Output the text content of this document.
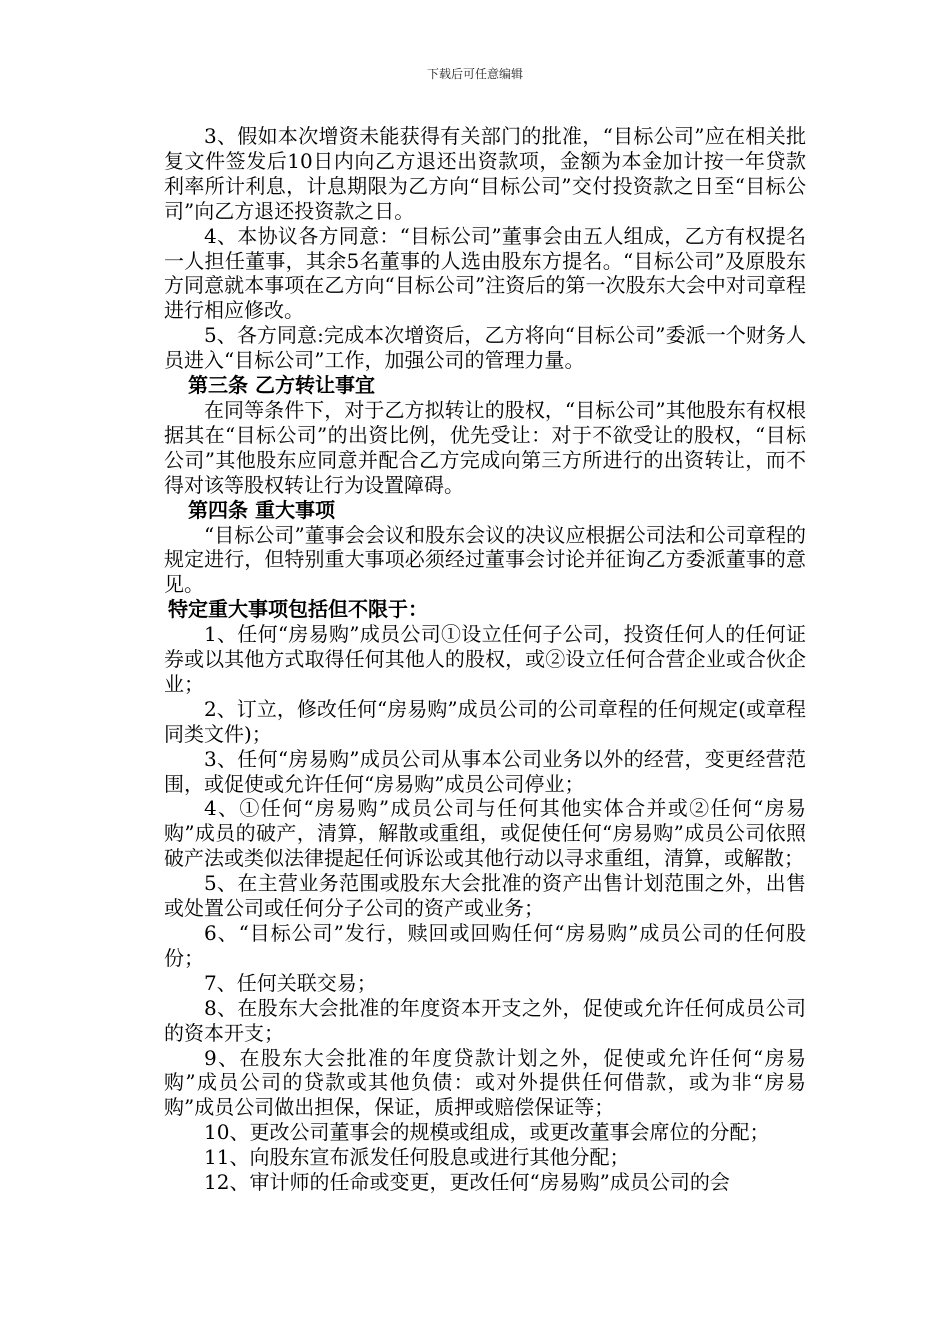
下载后可任意编辑

3、假如本次增资未能获得有关部门的批准，“目标公司”应在相关批复文件签发后10日内向乙方退还出资款项，金额为本金加计按一年贷款利率所计利息，计息期限为乙方向“目标公司”交付投资款之日至“目标公司”向乙方退还投资款之日。

4、本协议各方同意：“目标公司”董事会由五人组成，乙方有权提名一人担任董事，其余5名董事的人选由股东方提名。“目标公司”及原股东方同意就本事项在乙方向“目标公司”注资后的第一次股东大会中对司章程进行相应修改。

5、各方同意:完成本次增资后，乙方将向“目标公司”委派一个财务人员进入“目标公司”工作，加强公司的管理力量。

第三条 乙方转让事宜

在同等条件下，对于乙方拟转让的股权，“目标公司”其他股东有权根据其在“目标公司”的出资比例，优先受让：对于不欲受让的股权，“目标公司”其他股东应同意并配合乙方完成向第三方所进行的出资转让，而不得对该等股权转让行为设置障碍。

第四条 重大事项

“目标公司”董事会会议和股东会议的决议应根据公司法和公司章程的规定进行，但特别重大事项必须经过董事会讨论并征询乙方委派董事的意见。

特定重大事项包括但不限于：

1、任何“房易购”成员公司①设立任何子公司，投资任何人的任何证券或以其他方式取得任何其他人的股权，或②设立任何合营企业或合伙企业；

2、订立，修改任何“房易购”成员公司的公司章程的任何规定(或章程同类文件)；

3、任何“房易购”成员公司从事本公司业务以外的经营，变更经营范围，或促使或允许任何“房易购”成员公司停业；

4、①任何“房易购”成员公司与任何其他实体合并或②任何“房易购”成员的破产，清算，解散或重组，或促使任何“房易购”成员公司依照破产法或类似法律提起任何诉讼或其他行动以寻求重组，清算，或解散；

5、在主营业务范围或股东大会批准的资产出售计划范围之外，出售或处置公司或任何分子公司的资产或业务；

6、“目标公司”发行，赎回或回购任何“房易购”成员公司的任何股份；

7、任何关联交易；

8、在股东大会批准的年度资本开支之外，促使或允许任何成员公司的资本开支；

9、在股东大会批准的年度贷款计划之外，促使或允许任何“房易购”成员公司的贷款或其他负债：或对外提供任何借款，或为非“房易购”成员公司做出担保，保证，质押或赔偿保证等；

10、更改公司董事会的规模或组成，或更改董事会席位的分配；

11、向股东宣布派发任何股息或进行其他分配；

12、审计师的任命或变更，更改任何“房易购”成员公司的会
